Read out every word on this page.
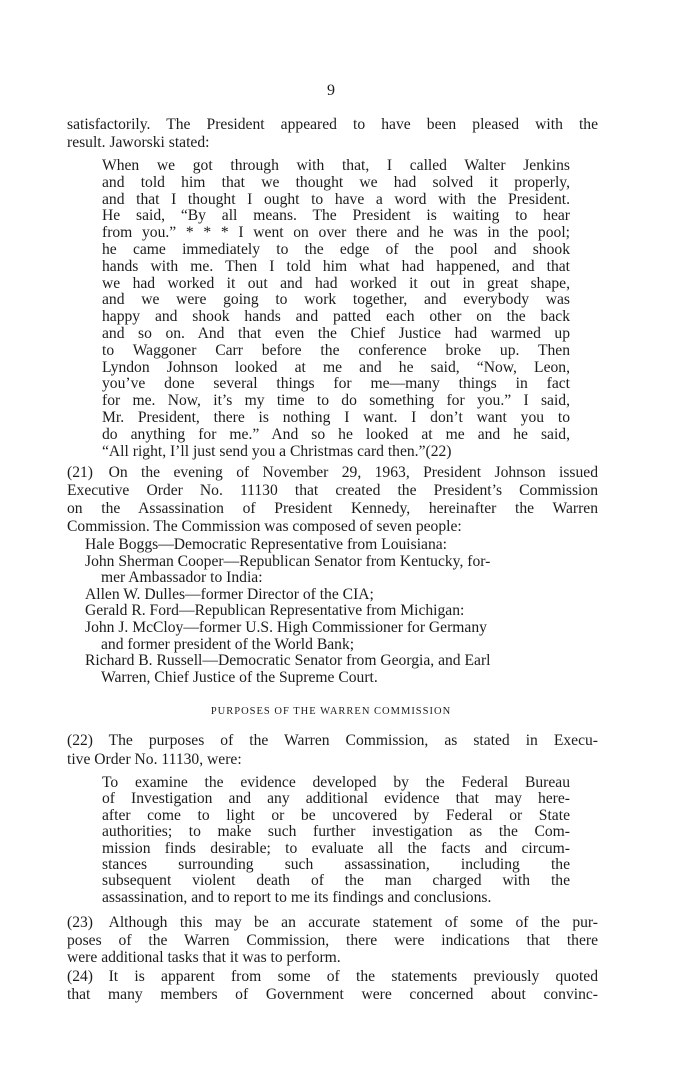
9
satisfactorily. The President appeared to have been pleased with the
result. Jaworski stated:
When we got through with that, I called Walter Jenkins
and told him that we thought we had solved it properly,
and that I thought I ought to have a word with the President.
He said, “By all means. The President is waiting to hear
from you.” * * * I went on over there and he was in the pool;
he came immediately to the edge of the pool and shook
hands with me. Then I told him what had happened, and that
we had worked it out and had worked it out in great shape,
and we were going to work together, and everybody was
happy and shook hands and patted each other on the back
and so on. And that even the Chief Justice had warmed up
to Waggoner Carr before the conference broke up. Then
Lyndon Johnson looked at me and he said, “Now, Leon,
you’ve done several things for me—many things in fact
for me. Now, it’s my time to do something for you.” I said,
Mr. President, there is nothing I want. I don’t want you to
do anything for me.” And so he looked at me and he said,
“All right, I’ll just send you a Christmas card then.”(22)
(21) On the evening of November 29, 1963, President Johnson issued
Executive Order No. 11130 that created the President’s Commission
on the Assassination of President Kennedy, hereinafter the Warren
Commission. The Commission was composed of seven people:
Hale Boggs—Democratic Representative from Louisiana:
John Sherman Cooper—Republican Senator from Kentucky, for-
mer Ambassador to India:
Allen W. Dulles—former Director of the CIA;
Gerald R. Ford—Republican Representative from Michigan:
John J. McCloy—former U.S. High Commissioner for Germany
and former president of the World Bank;
Richard B. Russell—Democratic Senator from Georgia, and Earl
Warren, Chief Justice of the Supreme Court.
PURPOSES OF THE WARREN COMMISSION
(22) The purposes of the Warren Commission, as stated in Execu-
tive Order No. 11130, were:
To examine the evidence developed by the Federal Bureau
of Investigation and any additional evidence that may here-
after come to light or be uncovered by Federal or State
authorities; to make such further investigation as the Com-
mission finds desirable; to evaluate all the facts and circum-
stances surrounding such assassination, including the
subsequent violent death of the man charged with the
assassination, and to report to me its findings and conclusions.
(23) Although this may be an accurate statement of some of the pur-
poses of the Warren Commission, there were indications that there
were additional tasks that it was to perform.
(24) It is apparent from some of the statements previously quoted
that many members of Government were concerned about convinc-
